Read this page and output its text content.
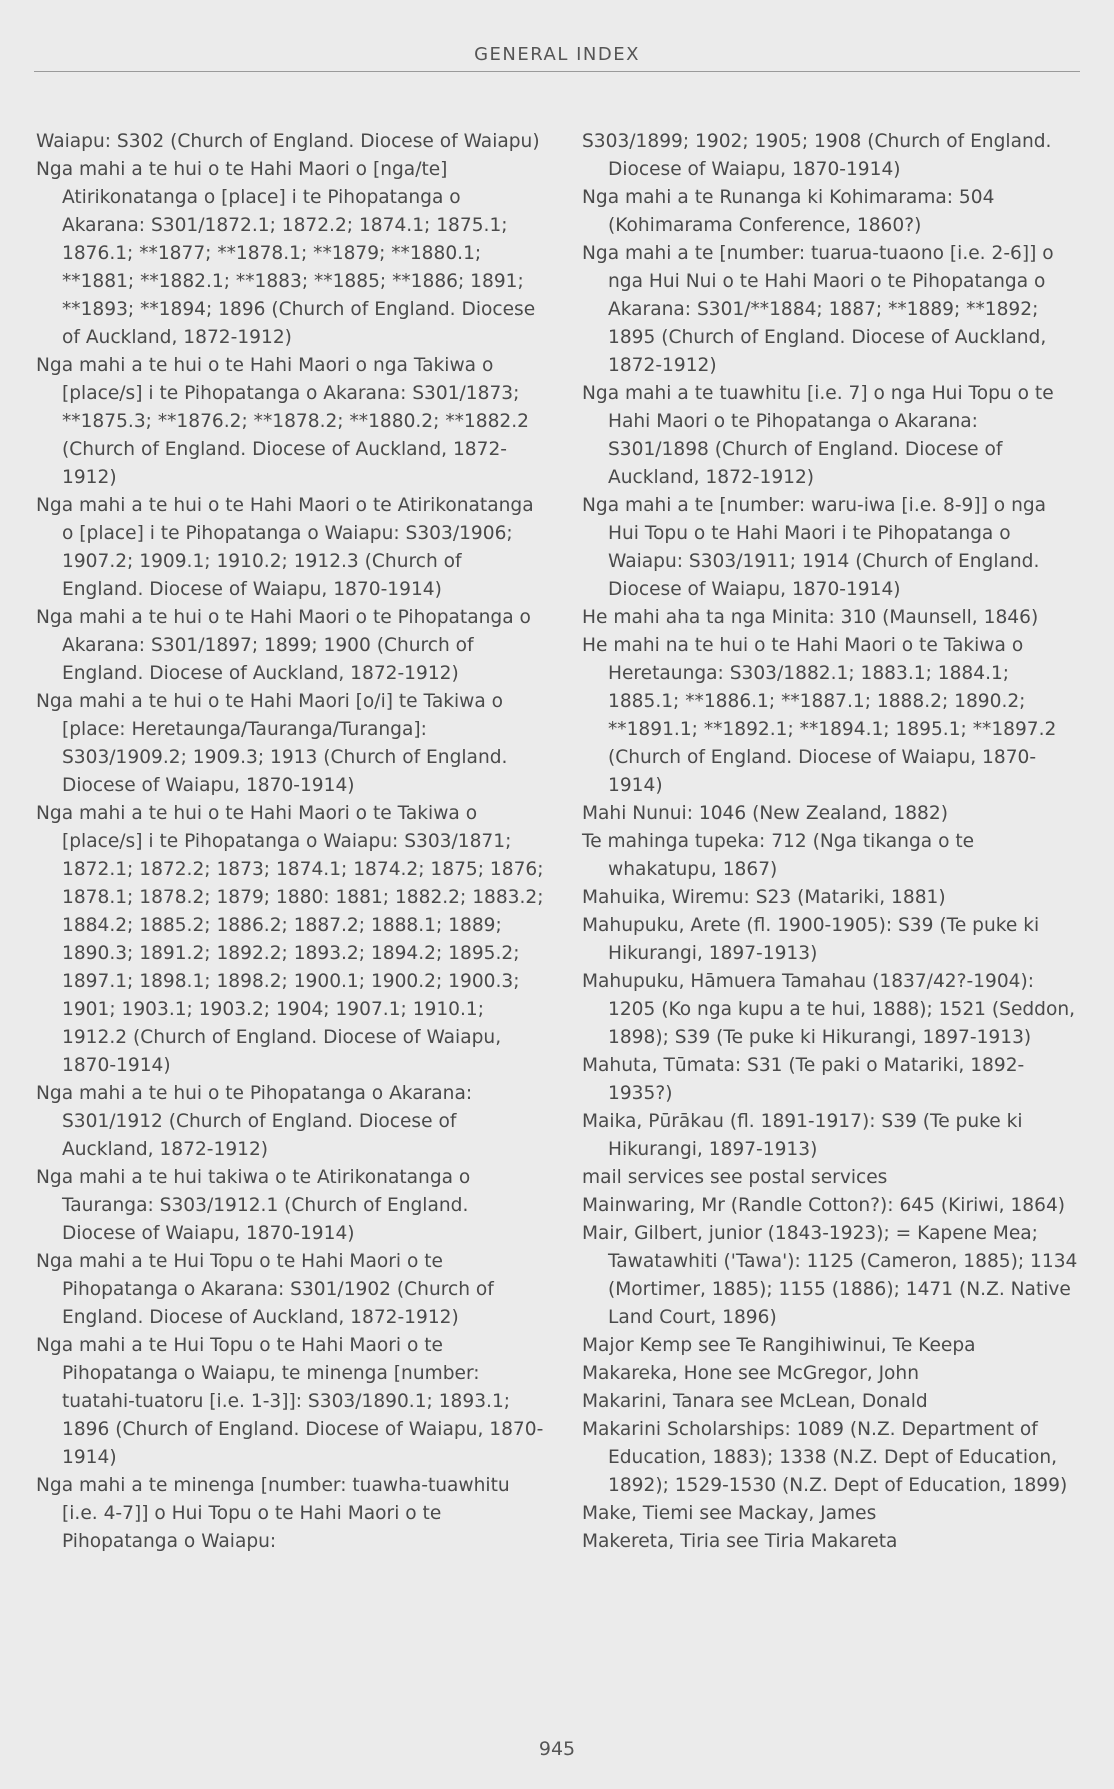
GENERAL INDEX

Waiapu: S302 (Church of England. Diocese of Waiapu)

Nga mahi a te hui o te Hahi Maori o [nga/te] Atirikonatanga o [place] i te Pihopatanga o Akarana: S301/1872.1; 1872.2; 1874.1; 1875.1; 1876.1; **1877; **1878.1; **1879; **1880.1; **1881; **1882.1; **1883; **1885; **1886; 1891; **1893; **1894; 1896 (Church of England. Diocese of Auckland, 1872-1912)

Nga mahi a te hui o te Hahi Maori o nga Takiwa o [place/s] i te Pihopatanga o Akarana: S301/1873; **1875.3; **1876.2; **1878.2; **1880.2; **1882.2 (Church of England. Diocese of Auckland, 1872-1912)

Nga mahi a te hui o te Hahi Maori o te Atirikonatanga o [place] i te Pihopatanga o Waiapu: S303/1906; 1907.2; 1909.1; 1910.2; 1912.3 (Church of England. Diocese of Waiapu, 1870-1914)

Nga mahi a te hui o te Hahi Maori o te Pihopatanga o Akarana: S301/1897; 1899; 1900 (Church of England. Diocese of Auckland, 1872-1912)

Nga mahi a te hui o te Hahi Maori [o/i] te Takiwa o [place: Heretaunga/Tauranga/Turanga]: S303/1909.2; 1909.3; 1913 (Church of England. Diocese of Waiapu, 1870-1914)

Nga mahi a te hui o te Hahi Maori o te Takiwa o [place/s] i te Pihopatanga o Waiapu: S303/1871; 1872.1; 1872.2; 1873; 1874.1; 1874.2; 1875; 1876; 1878.1; 1878.2; 1879; 1880: 1881; 1882.2; 1883.2; 1884.2; 1885.2; 1886.2; 1887.2; 1888.1; 1889; 1890.3; 1891.2; 1892.2; 1893.2; 1894.2; 1895.2; 1897.1; 1898.1; 1898.2; 1900.1; 1900.2; 1900.3; 1901; 1903.1; 1903.2; 1904; 1907.1; 1910.1; 1912.2 (Church of England. Diocese of Waiapu, 1870-1914)

Nga mahi a te hui o te Pihopatanga o Akarana: S301/1912 (Church of England. Diocese of Auckland, 1872-1912)

Nga mahi a te hui takiwa o te Atirikonatanga o Tauranga: S303/1912.1 (Church of England. Diocese of Waiapu, 1870-1914)

Nga mahi a te Hui Topu o te Hahi Maori o te Pihopatanga o Akarana: S301/1902 (Church of England. Diocese of Auckland, 1872-1912)

Nga mahi a te Hui Topu o te Hahi Maori o te Pihopatanga o Waiapu, te minenga [number: tuatahi-tuatoru [i.e. 1-3]]: S303/1890.1; 1893.1; 1896 (Church of England. Diocese of Waiapu, 1870-1914)

Nga mahi a te minenga [number: tuawha-tuawhitu [i.e. 4-7]] o Hui Topu o te Hahi Maori o te Pihopatanga o Waiapu:

S303/1899; 1902; 1905; 1908 (Church of England. Diocese of Waiapu, 1870-1914)

Nga mahi a te Runanga ki Kohimarama: 504 (Kohimarama Conference, 1860?)

Nga mahi a te [number: tuarua-tuaono [i.e. 2-6]] o nga Hui Nui o te Hahi Maori o te Pihopatanga o Akarana: S301/**1884; 1887; **1889; **1892; 1895 (Church of England. Diocese of Auckland, 1872-1912)

Nga mahi a te tuawhitu [i.e. 7] o nga Hui Topu o te Hahi Maori o te Pihopatanga o Akarana: S301/1898 (Church of England. Diocese of Auckland, 1872-1912)

Nga mahi a te [number: waru-iwa [i.e. 8-9]] o nga Hui Topu o te Hahi Maori i te Pihopatanga o Waiapu: S303/1911; 1914 (Church of England. Diocese of Waiapu, 1870-1914)

He mahi aha ta nga Minita: 310 (Maunsell, 1846)

He mahi na te hui o te Hahi Maori o te Takiwa o Heretaunga: S303/1882.1; 1883.1; 1884.1; 1885.1; **1886.1; **1887.1; 1888.2; 1890.2; **1891.1; **1892.1; **1894.1; 1895.1; **1897.2 (Church of England. Diocese of Waiapu, 1870-1914)

Mahi Nunui: 1046 (New Zealand, 1882)

Te mahinga tupeka: 712 (Nga tikanga o te whakatupu, 1867)

Mahuika, Wiremu: S23 (Matariki, 1881)

Mahupuku, Arete (fl. 1900-1905): S39 (Te puke ki Hikurangi, 1897-1913)

Mahupuku, Hāmuera Tamahau (1837/42?-1904): 1205 (Ko nga kupu a te hui, 1888); 1521 (Seddon, 1898); S39 (Te puke ki Hikurangi, 1897-1913)

Mahuta, Tūmata: S31 (Te paki o Matariki, 1892-1935?)

Maika, Pūrākau (fl. 1891-1917): S39 (Te puke ki Hikurangi, 1897-1913)

mail services see postal services

Mainwaring, Mr (Randle Cotton?): 645 (Kiriwi, 1864)

Mair, Gilbert, junior (1843-1923); = Kapene Mea; Tawatawhiti ('Tawa'): 1125 (Cameron, 1885); 1134 (Mortimer, 1885); 1155 (1886); 1471 (N.Z. Native Land Court, 1896)

Major Kemp see Te Rangihiwinui, Te Keepa

Makareka, Hone see McGregor, John

Makarini, Tanara see McLean, Donald

Makarini Scholarships: 1089 (N.Z. Department of Education, 1883); 1338 (N.Z. Dept of Education, 1892); 1529-1530 (N.Z. Dept of Education, 1899)

Make, Tiemi see Mackay, James

Makereta, Tiria see Tiria Makareta

945
